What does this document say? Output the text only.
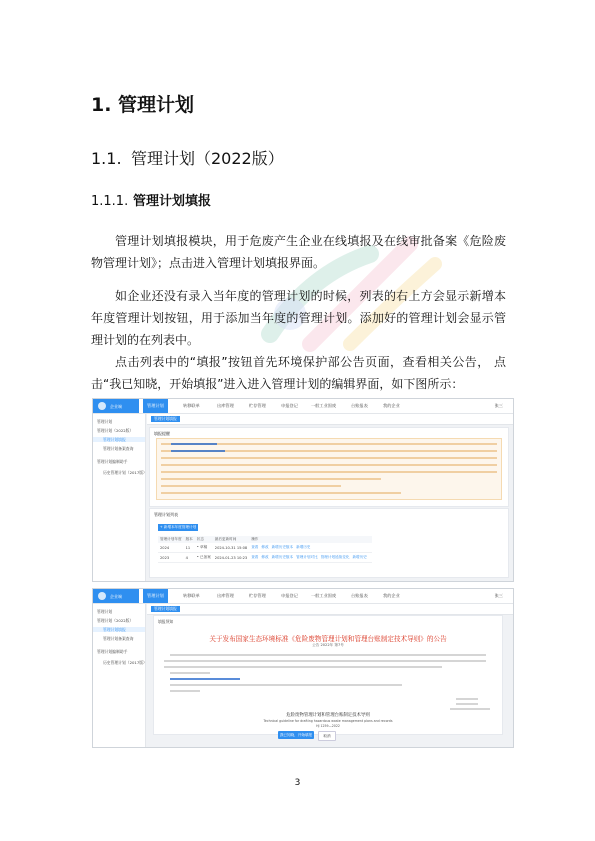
1. 管理计划
1.1. 管理计划（2022版）
1.1.1. 管理计划填报
管理计划填报模块，用于危废产生企业在线填报及在线审批备案《危险废物管理计划》；点击进入管理计划填报界面。
如企业还没有录入当年度的管理计划的时候，列表的右上方会显示新增本年度管理计划按钮，用于添加当年度的管理计划。添加好的管理计划会显示管理计划的在列表中。
点击列表中的“填报”按钮首先环境保护部公告页面，查看相关公告， 点击“我已知晓，开始填报”进入进入管理计划的编辑界面，如下图所示：
企业端	管理计划	转移联单	出库管理	贮存管理	申报登记	一般工业固废	台账报表	我的企业	张三
管理计划
管理计划（2022版）
管理计划填报
管理计划备案查询
管理计划编制助手
历史管理计划（2017版）
管理计划填报
填报提醒
管理计划列表
+ 新增本年度管理计划
管理计划年度	版本	状态	最后更新时间	操作
2024	11	• 草稿	2024-10-31 15:08	查看 修改 新增历史版本 新增历史
2023	4	• 已备案	2024-01-23 10:23	查看 修改 新增历史版本 管理计划对比 管理计划延续变化 新增历史
企业端	管理计划	转移联单	出库管理	贮存管理	申报登记	一般工业固废	台账报表	我的企业	张三
管理计划
管理计划（2022版）
管理计划填报
管理计划备案查询
管理计划编制助手
历史管理计划（2017版）
管理计划填报
填报须知
关于发布国家生态环境标准《危险废物管理计划和管理台账制定技术导则》的公告
公告 2022年 第7号
危险废物管理计划和管理台账制定技术导则
Technical guideline for drafting hazardous waste management plans and records
HJ 1259—2022
我已知晓，开始填报	取消
3
